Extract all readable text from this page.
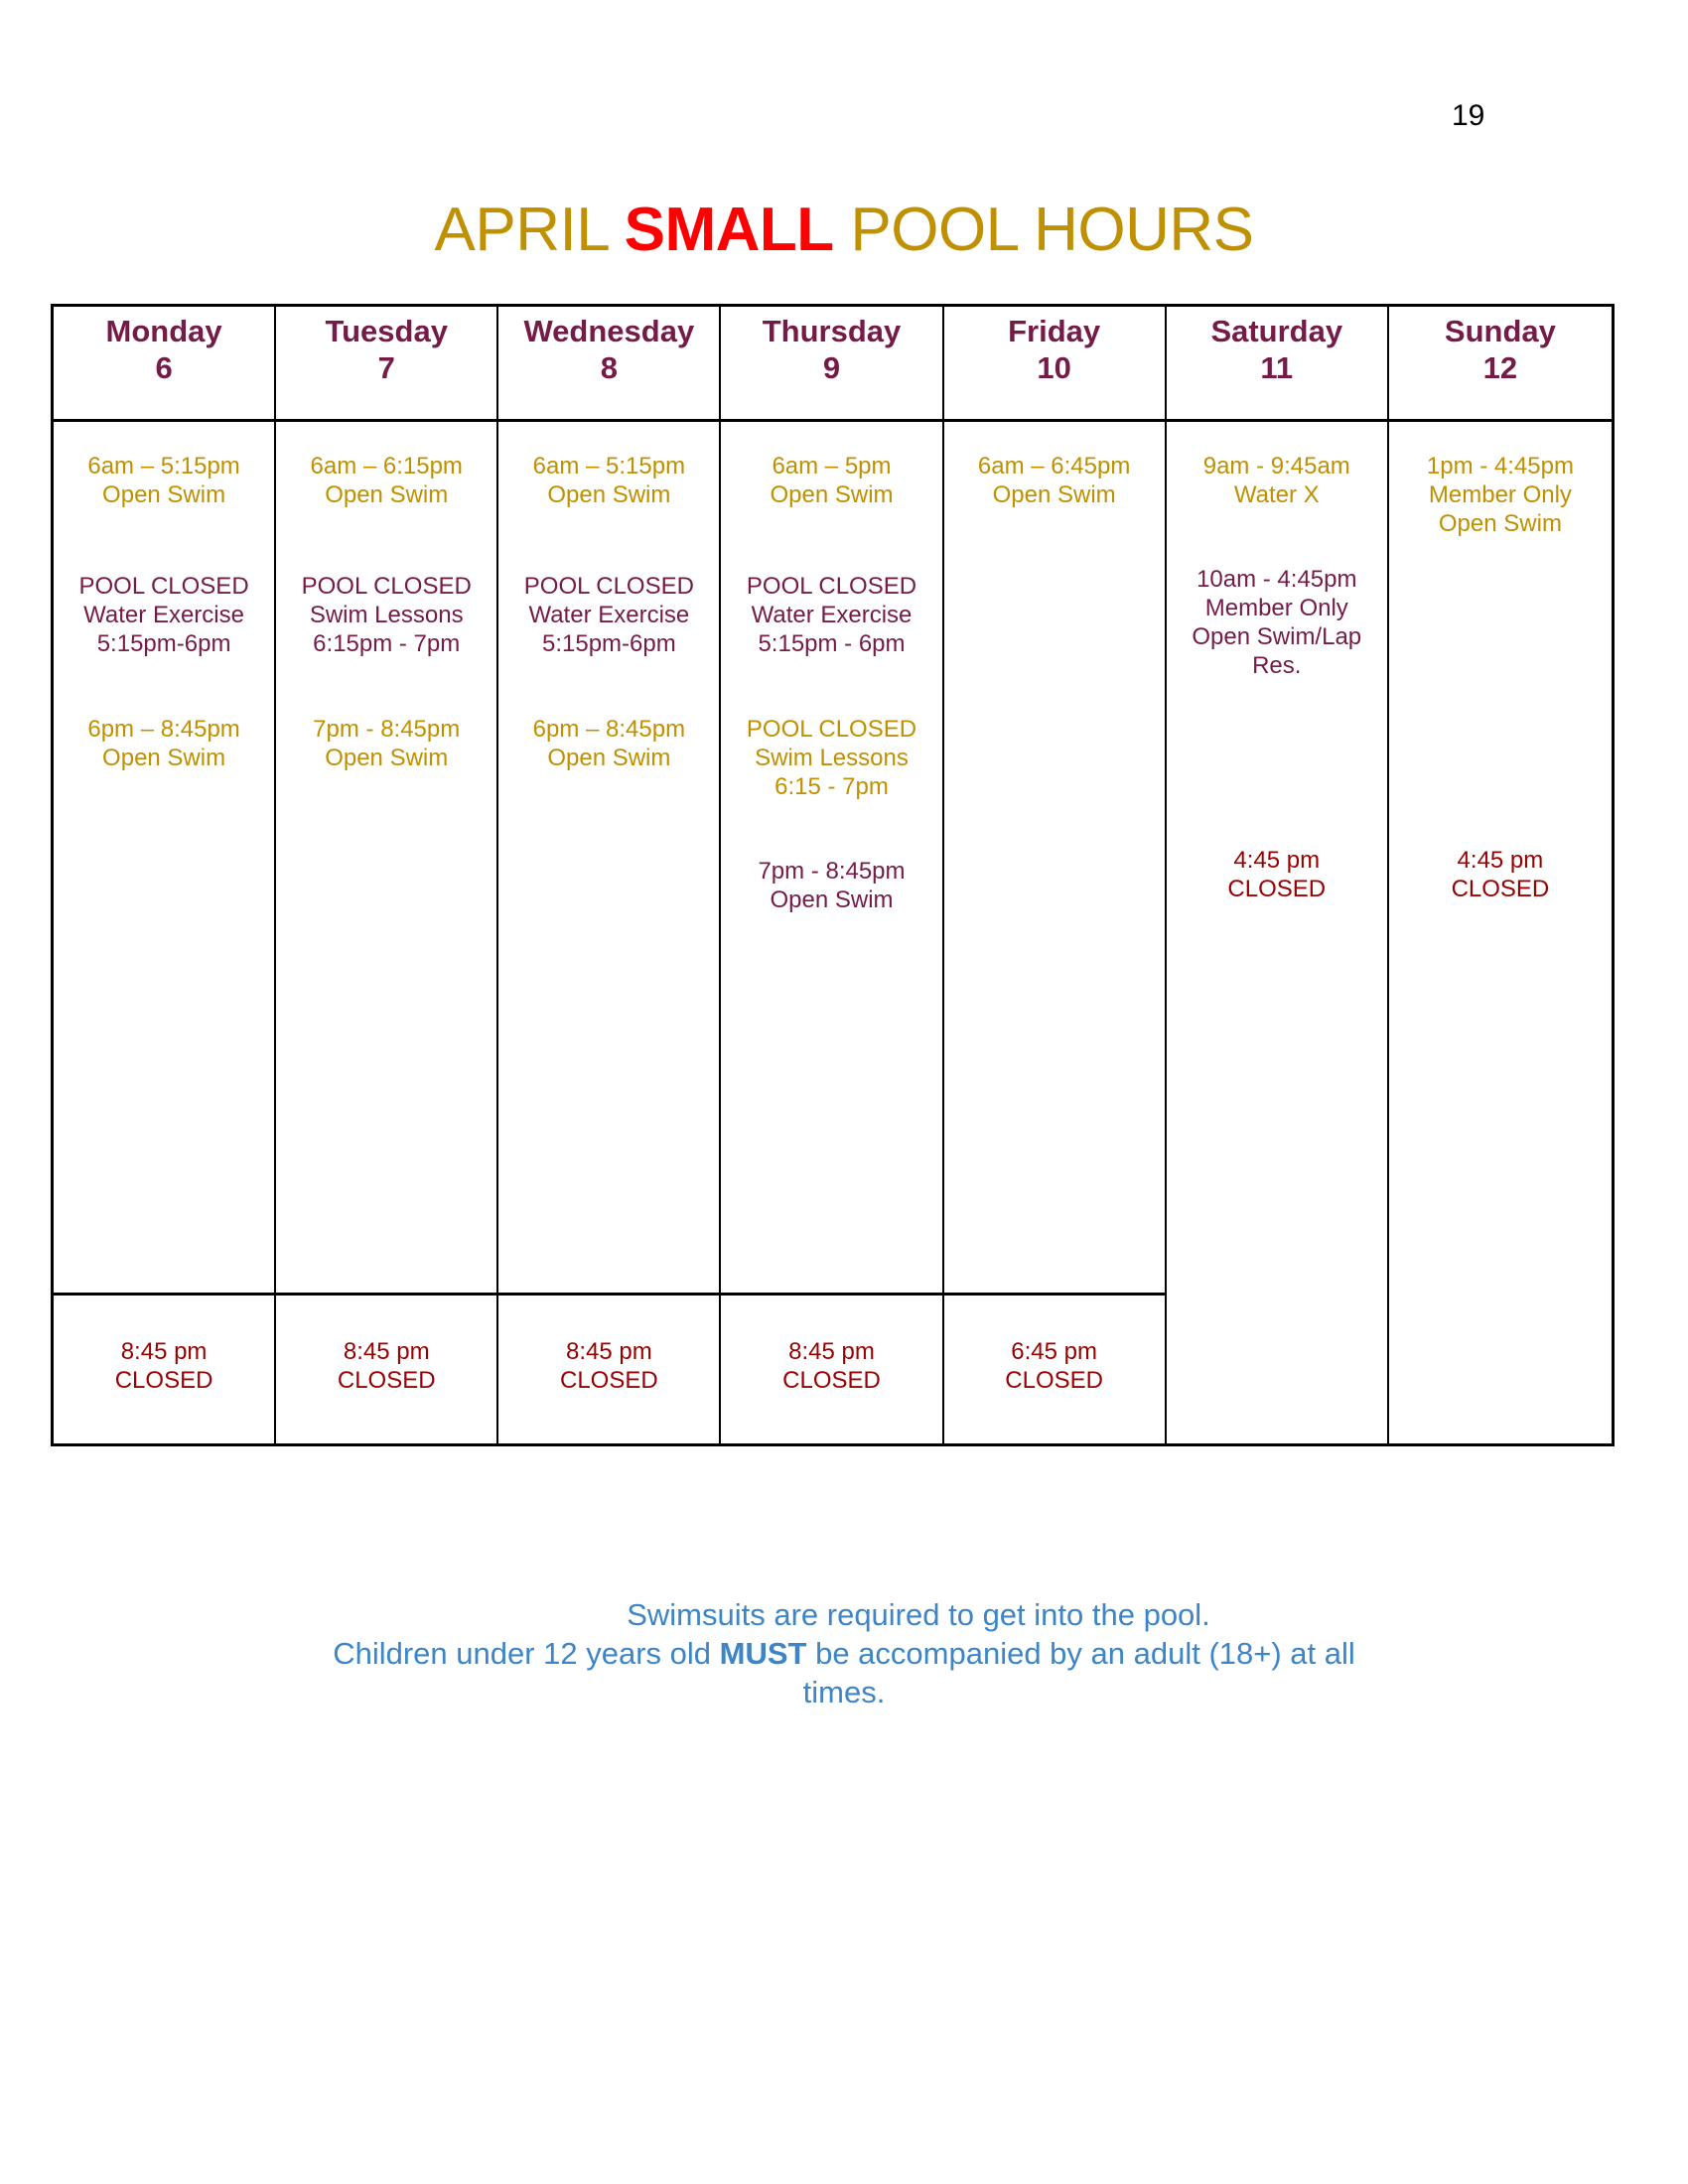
19
APRIL SMALL POOL HOURS
Monday
6
Tuesday
7
Wednesday
8
Thursday
9
Friday
10
Saturday
11
Sunday
12
6am – 5:15pm
Open Swim
POOL CLOSED
Water Exercise
5:15pm-6pm
6pm – 8:45pm
Open Swim
8:45 pm
CLOSED
6am – 6:15pm
Open Swim
POOL CLOSED
Swim Lessons
6:15pm - 7pm
7pm - 8:45pm
Open Swim
8:45 pm
CLOSED
6am – 5:15pm
Open Swim
POOL CLOSED
Water Exercise
5:15pm-6pm
6pm – 8:45pm
Open Swim
8:45 pm
CLOSED
6am – 5pm
Open Swim
POOL CLOSED
Water Exercise
5:15pm - 6pm
POOL CLOSED
Swim Lessons
6:15 - 7pm
7pm - 8:45pm
Open Swim
8:45 pm
CLOSED
6am – 6:45pm
Open Swim
6:45 pm
CLOSED
9am - 9:45am
Water X
10am - 4:45pm
Member Only
Open Swim/Lap
Res.
4:45 pm
CLOSED
1pm - 4:45pm
Member Only
Open Swim
4:45 pm
CLOSED
Swimsuits are required to get into the pool.
Children under 12 years old MUST be accompanied by an adult (18+) at all
times.
